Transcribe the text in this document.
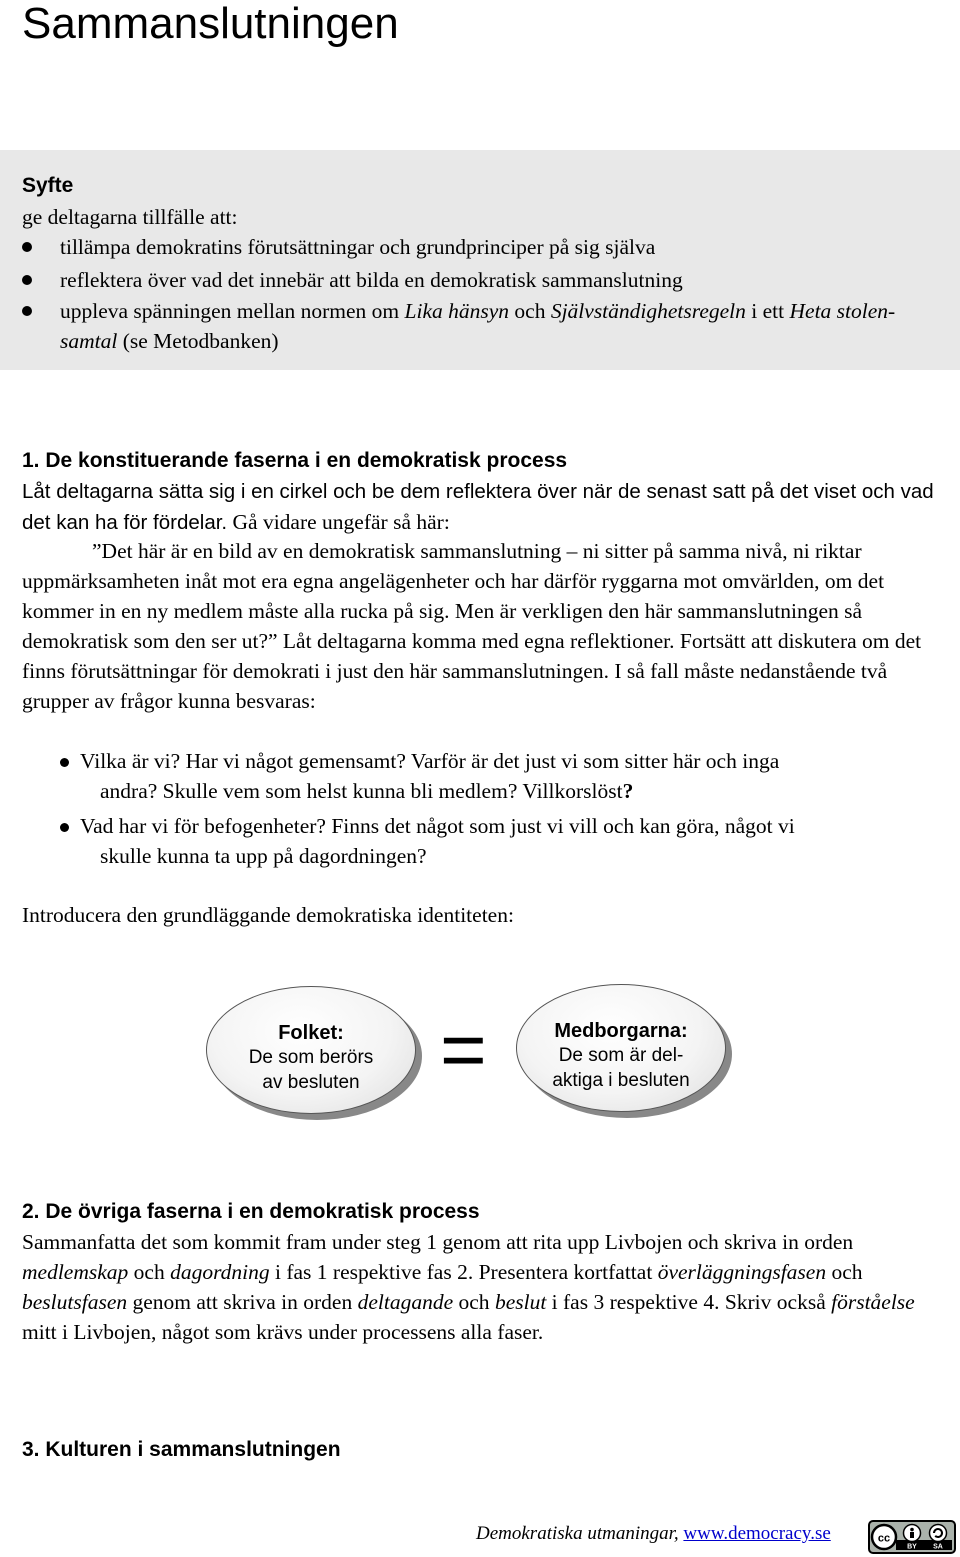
Sammanslutningen
Syfte
ge deltagarna tillfälle att:
tillämpa demokratins förutsättningar och grundprinciper på sig själva
reflektera över vad det innebär att bilda en demokratisk sammanslutning
uppleva spänningen mellan normen om Lika hänsyn och Självständighetsregeln i ett Heta stolen-samtal (se Metodbanken)
1. De konstituerande faserna i en demokratisk process
Låt deltagarna sätta sig i en cirkel och be dem reflektera över när de senast satt på det viset och vad det kan ha för fördelar. Gå vidare ungefär så här:
”Det här är en bild av en demokratisk sammanslutning – ni sitter på samma nivå, ni riktar uppmärksamheten inåt mot era egna angelägenheter och har därför ryggarna mot omvärlden, om det kommer in en ny medlem måste alla rucka på sig. Men är verkligen den här sammanslutningen så demokratisk som den ser ut?” Låt deltagarna komma med egna reflektioner. Fortsätt att diskutera om det finns förutsättningar för demokrati i just den här sammanslutningen. I så fall måste nedanstående två grupper av frågor kunna besvaras:
Vilka är vi? Har vi något gemensamt? Varför är det just vi som sitter här och inga
andra? Skulle vem som helst kunna bli medlem? Villkorslöst?
Vad har vi för befogenheter? Finns det något som just vi vill och kan göra, något vi
skulle kunna ta upp på dagordningen?
Introducera den grundläggande demokratiska identiteten:
Folket:
De som berörs
av besluten	=	Medborgarna:
De som är del-
aktiga i besluten
2. De övriga faserna i en demokratisk process
Sammanfatta det som kommit fram under steg 1 genom att rita upp Livbojen och skriva in orden medlemskap och dagordning i fas 1 respektive fas 2. Presentera kortfattat överläggningsfasen och beslutsfasen genom att skriva in orden deltagande och beslut i fas 3 respektive 4. Skriv också förståelse mitt i Livbojen, något som krävs under processens alla faser.
3. Kulturen i sammanslutningen
Demokratiska utmaningar, www.democracy.se	cc
BY SA
